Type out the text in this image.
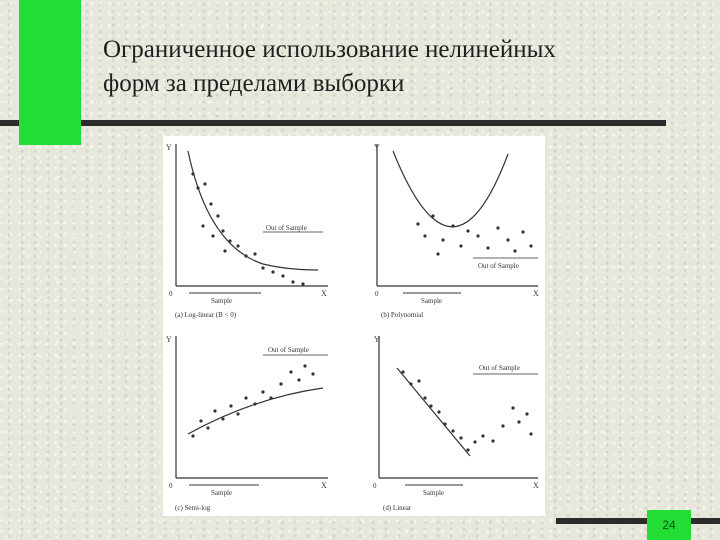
Ограниченное использование нелинейных
форм за пределами выборки
Y
X
0
Sample
Out of Sample
(a) Log-linear (B < 0)
Y
X
0
Sample
Out of Sample
(b) Polynomial
Y
X
0
Sample
Out of Sample
(c) Semi-log
Y
X
0
Sample
Out of Sample
(d) Linear
24
